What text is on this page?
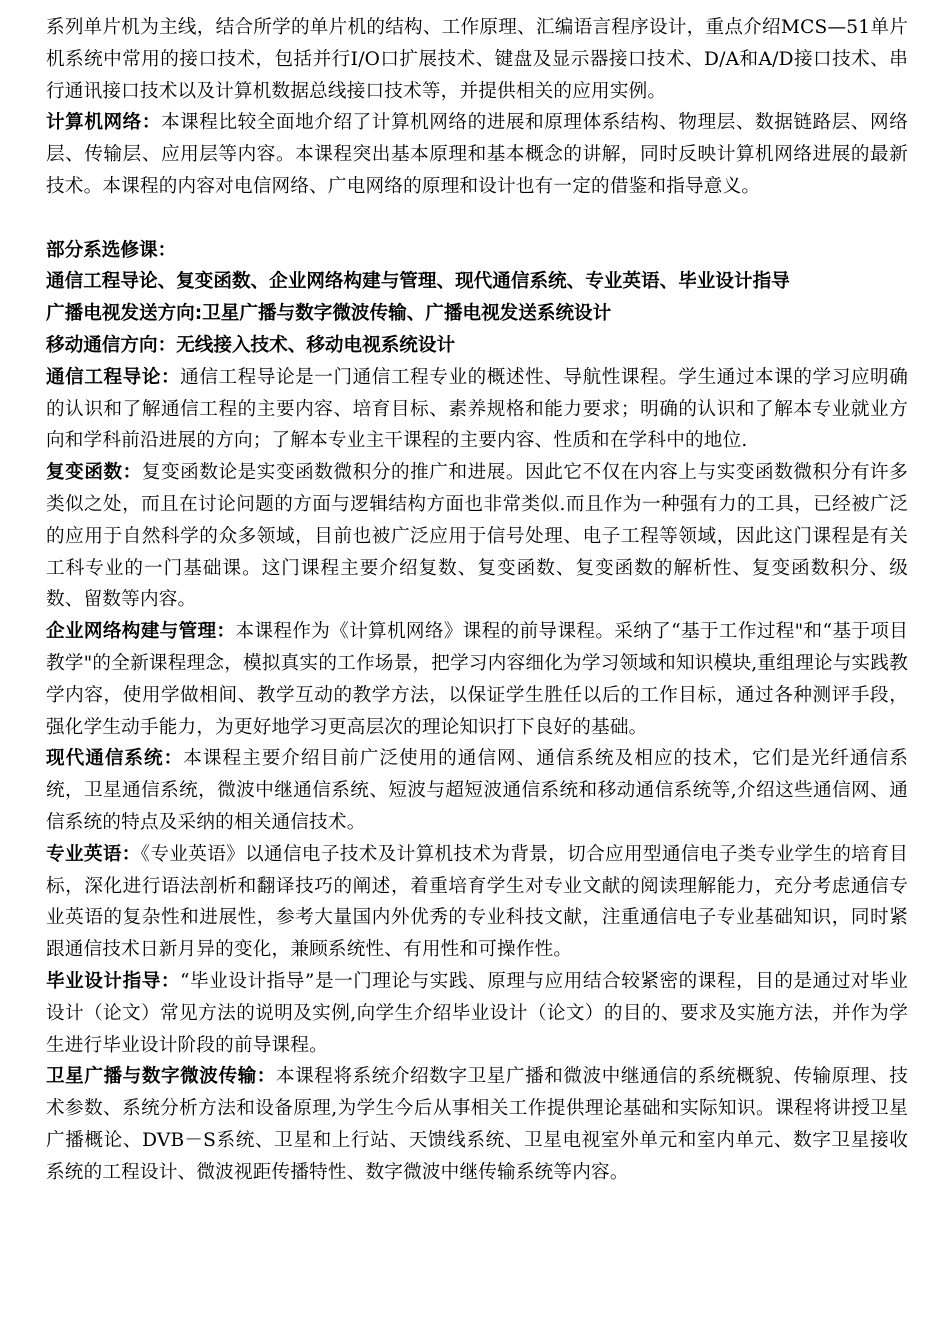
系列单片机为主线，结合所学的单片机的结构、工作原理、汇编语言程序设计，重点介绍MCS—51单片机系统中常用的接口技术，包括并行I/O口扩展技术、键盘及显示器接口技术、D/A和A/D接口技术、串行通讯接口技术以及计算机数据总线接口技术等，并提供相关的应用实例。

计算机网络：本课程比较全面地介绍了计算机网络的进展和原理体系结构、物理层、数据链路层、网络层、传输层、应用层等内容。本课程突出基本原理和基本概念的讲解，同时反映计算机网络进展的最新技术。本课程的内容对电信网络、广电网络的原理和设计也有一定的借鉴和指导意义。

部分系选修课：

通信工程导论、复变函数、企业网络构建与管理、现代通信系统、专业英语、毕业设计指导

广播电视发送方向:卫星广播与数字微波传输、广播电视发送系统设计

移动通信方向：无线接入技术、移动电视系统设计

通信工程导论：通信工程导论是一门通信工程专业的概述性、导航性课程。学生通过本课的学习应明确的认识和了解通信工程的主要内容、培育目标、素养规格和能力要求；明确的认识和了解本专业就业方向和学科前沿进展的方向；了解本专业主干课程的主要内容、性质和在学科中的地位.

复变函数：复变函数论是实变函数微积分的推广和进展。因此它不仅在内容上与实变函数微积分有许多类似之处，而且在讨论问题的方面与逻辑结构方面也非常类似.而且作为一种强有力的工具，已经被广泛的应用于自然科学的众多领域，目前也被广泛应用于信号处理、电子工程等领域，因此这门课程是有关工科专业的一门基础课。这门课程主要介绍复数、复变函数、复变函数的解析性、复变函数积分、级数、留数等内容。

企业网络构建与管理：本课程作为《计算机网络》课程的前导课程。采纳了“基于工作过程"和“基于项目教学"的全新课程理念，模拟真实的工作场景，把学习内容细化为学习领域和知识模块,重组理论与实践教学内容，使用学做相间、教学互动的教学方法，以保证学生胜任以后的工作目标，通过各种测评手段，强化学生动手能力，为更好地学习更高层次的理论知识打下良好的基础。

现代通信系统：本课程主要介绍目前广泛使用的通信网、通信系统及相应的技术，它们是光纤通信系统，卫星通信系统，微波中继通信系统、短波与超短波通信系统和移动通信系统等,介绍这些通信网、通信系统的特点及采纳的相关通信技术。

专业英语：《专业英语》以通信电子技术及计算机技术为背景，切合应用型通信电子类专业学生的培育目标，深化进行语法剖析和翻译技巧的阐述，着重培育学生对专业文献的阅读理解能力，充分考虑通信专业英语的复杂性和进展性，参考大量国内外优秀的专业科技文献，注重通信电子专业基础知识，同时紧跟通信技术日新月异的变化，兼顾系统性、有用性和可操作性。

毕业设计指导：“毕业设计指导”是一门理论与实践、原理与应用结合较紧密的课程，目的是通过对毕业设计（论文）常见方法的说明及实例,向学生介绍毕业设计（论文）的目的、要求及实施方法，并作为学生进行毕业设计阶段的前导课程。

卫星广播与数字微波传输：本课程将系统介绍数字卫星广播和微波中继通信的系统概貌、传输原理、技术参数、系统分析方法和设备原理,为学生今后从事相关工作提供理论基础和实际知识。课程将讲授卫星广播概论、DVB－S系统、卫星和上行站、天馈线系统、卫星电视室外单元和室内单元、数字卫星接收系统的工程设计、微波视距传播特性、数字微波中继传输系统等内容。
